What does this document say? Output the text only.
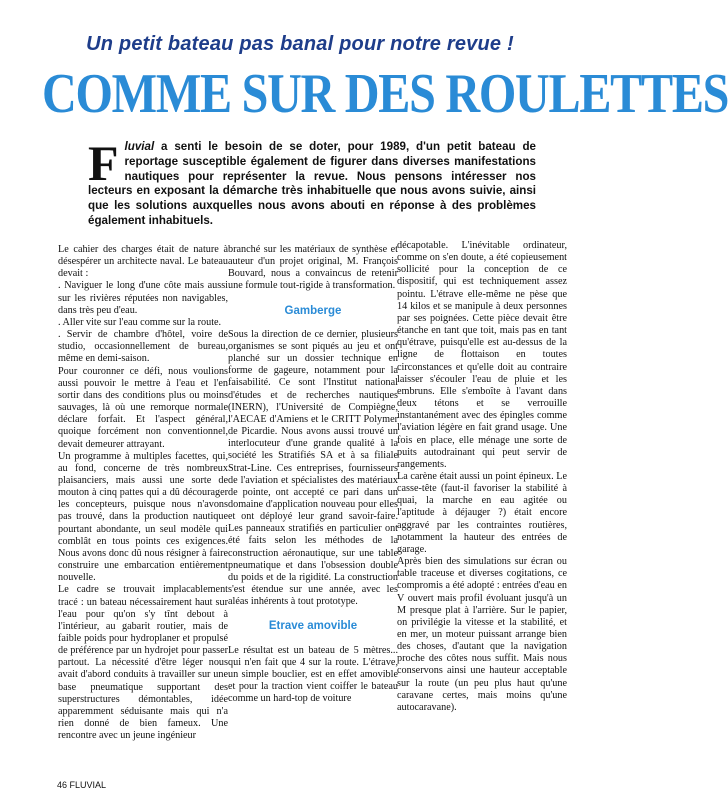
Un petit bateau pas banal pour notre revue !
COMME SUR DES ROULETTES
Fluvial a senti le besoin de se doter, pour 1989, d'un petit bateau de reportage susceptible également de figurer dans diverses manifestations nautiques pour représenter la revue. Nous pensons intéresser nos lecteurs en exposant la démarche très inhabituelle que nous avons suivie, ainsi que les solutions auxquelles nous avons abouti en réponse à des problèmes également inhabituels.

Le cahier des charges était de nature à désespérer un architecte naval. Le bateau devait :

. Naviguer le long d'une côte mais aussi sur les rivières réputées non navigables, dans très peu d'eau.

. Aller vite sur l'eau comme sur la route.

. Servir de chambre d'hôtel, voire de studio, occasionnellement de bureau, même en demi-saison.

Pour couronner ce défi, nous voulions aussi pouvoir le mettre à l'eau et l'en sortir dans des conditions plus ou moins sauvages, là où une remorque normale déclare forfait. Et l'aspect général, quoique forcément non conventionnel, devait demeurer attrayant.

Un programme à multiples facettes, qui, au fond, concerne de très nombreux plaisanciers, mais aussi une sorte de mouton à cinq pattes qui a dû décourager les concepteurs, puisque nous n'avons pas trouvé, dans la production nautique pourtant abondante, un seul modèle qui comblât en tous points ces exigences. Nous avons donc dû nous résigner à faire construire une embarcation entièrement nouvelle.

Le cadre se trouvait implacablement tracé : un bateau nécessairement haut sur l'eau pour qu'on s'y tînt debout à l'intérieur, au gabarit routier, mais de faible poids pour hydroplaner et propulsé de préférence par un hydrojet pour passer partout. La nécessité d'être léger nous avait d'abord conduits à travailler sur une base pneumatique supportant des superstructures démontables, idée apparemment séduisante mais qui n'a rien donné de bien fameux. Une rencontre avec un jeune ingénieur

branché sur les matériaux de synthèse et auteur d'un projet original, M. François Bouvard, nous a convaincus de retenir une formule tout-rigide à transformation.

Gamberge

Sous la direction de ce dernier, plusieurs organismes se sont piqués au jeu et ont planché sur un dossier technique en forme de gageure, notamment pour la faisabilité. Ce sont l'Institut national d'études et de recherches nautiques (INERN), l'Université de Compiègne, l'AECAE d'Amiens et le CRITT Polymer de Picardie. Nous avons aussi trouvé un interlocuteur d'une grande qualité à la société les Stratifiés SA et à sa filiale Strat-Line. Ces entreprises, fournisseurs de l'aviation et spécialistes des matériaux de pointe, ont accepté ce pari dans un domaine d'application nouveau pour elles et ont déployé leur grand savoir-faire. Les panneaux stratifiés en particulier ont été faits selon les méthodes de la construction aéronautique, sur une table pneumatique et dans l'obsession double du poids et de la rigidité. La construction s'est étendue sur une année, avec les aléas inhérents à tout prototype.

Etrave amovible

Le résultat est un bateau de 5 mètres... qui n'en fait que 4 sur la route. L'étrave, un simple bouclier, est en effet amovible et pour la traction vient coiffer le bateau comme un hard-top de voiture

décapotable. L'inévitable ordinateur, comme on s'en doute, a été copieusement sollicité pour la conception de ce dispositif, qui est techniquement assez pointu. L'étrave elle-même ne pèse que 14 kilos et se manipule à deux personnes par ses poignées. Cette pièce devait être étanche en tant que toit, mais pas en tant qu'étrave, puisqu'elle est au-dessus de la ligne de flottaison en toutes circonstances et qu'elle doit au contraire laisser s'écouler l'eau de pluie et les embruns. Elle s'emboîte à l'avant dans deux tétons et se verrouille instantanément avec des épingles comme l'aviation légère en fait grand usage. Une fois en place, elle ménage une sorte de puits autodrainant qui peut servir de rangements.

La carène était aussi un point épineux. Le casse-tête (faut-il favoriser la stabilité à quai, la marche en eau agitée ou l'aptitude à déjauger ?) était encore aggravé par les contraintes routières, notamment la hauteur des entrées de garage.

Après bien des simulations sur écran ou table traceuse et diverses cogitations, ce compromis a été adopté : entrées d'eau en V ouvert mais profil évoluant jusqu'à un M presque plat à l'arrière. Sur le papier, on privilégie la vitesse et la stabilité, et en mer, un moteur puissant arrange bien des choses, d'autant que la navigation proche des côtes nous suffit. Mais nous conservons ainsi une hauteur acceptable sur la route (un peu plus haut qu'une caravane certes, mais moins qu'une autocaravane).

46 FLUVIAL
